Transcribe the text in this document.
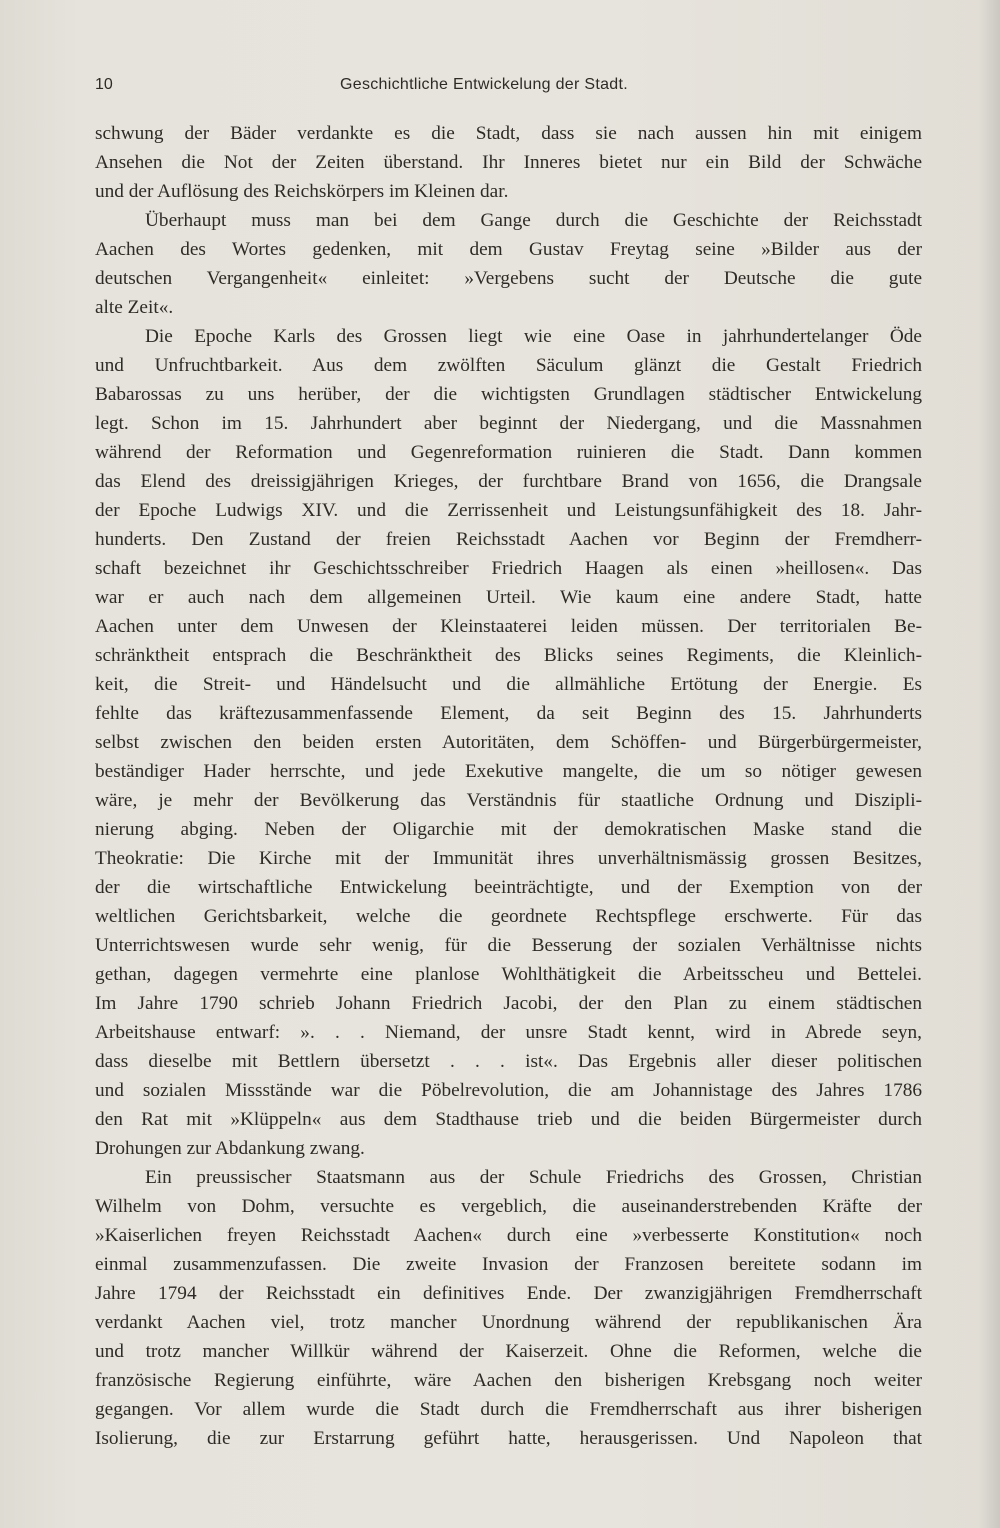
10	Geschichtliche Entwickelung der Stadt.
schwung der Bäder verdankte es die Stadt, dass sie nach aussen hin mit einigem
Ansehen die Not der Zeiten überstand. Ihr Inneres bietet nur ein Bild der Schwäche
und der Auflösung des Reichskörpers im Kleinen dar.
Überhaupt muss man bei dem Gange durch die Geschichte der Reichsstadt
Aachen des Wortes gedenken, mit dem Gustav Freytag seine »Bilder aus der
deutschen Vergangenheit« einleitet: »Vergebens sucht der Deutsche die gute
alte Zeit«.
Die Epoche Karls des Grossen liegt wie eine Oase in jahrhundertelanger Öde
und Unfruchtbarkeit. Aus dem zwölften Säculum glänzt die Gestalt Friedrich
Babarossas zu uns herüber, der die wichtigsten Grundlagen städtischer Entwickelung
legt. Schon im 15. Jahrhundert aber beginnt der Niedergang, und die Massnahmen
während der Reformation und Gegenreformation ruinieren die Stadt. Dann kommen
das Elend des dreissigjährigen Krieges, der furchtbare Brand von 1656, die Drangsale
der Epoche Ludwigs XIV. und die Zerrissenheit und Leistungsunfähigkeit des 18. Jahr-
hunderts. Den Zustand der freien Reichsstadt Aachen vor Beginn der Fremdherr-
schaft bezeichnet ihr Geschichtsschreiber Friedrich Haagen als einen »heillosen«. Das
war er auch nach dem allgemeinen Urteil. Wie kaum eine andere Stadt, hatte
Aachen unter dem Unwesen der Kleinstaaterei leiden müssen. Der territorialen Be-
schränktheit entsprach die Beschränktheit des Blicks seines Regiments, die Kleinlich-
keit, die Streit- und Händelsucht und die allmähliche Ertötung der Energie. Es
fehlte das kräftezusammenfassende Element, da seit Beginn des 15. Jahrhunderts
selbst zwischen den beiden ersten Autoritäten, dem Schöffen- und Bürgerbürgermeister,
beständiger Hader herrschte, und jede Exekutive mangelte, die um so nötiger gewesen
wäre, je mehr der Bevölkerung das Verständnis für staatliche Ordnung und Diszipli-
nierung abging. Neben der Oligarchie mit der demokratischen Maske stand die
Theokratie: Die Kirche mit der Immunität ihres unverhältnismässig grossen Besitzes,
der die wirtschaftliche Entwickelung beeinträchtigte, und der Exemption von der
weltlichen Gerichtsbarkeit, welche die geordnete Rechtspflege erschwerte. Für das
Unterrichtswesen wurde sehr wenig, für die Besserung der sozialen Verhältnisse nichts
gethan, dagegen vermehrte eine planlose Wohlthätigkeit die Arbeitsscheu und Bettelei.
Im Jahre 1790 schrieb Johann Friedrich Jacobi, der den Plan zu einem städtischen
Arbeitshause entwarf: ». . . Niemand, der unsre Stadt kennt, wird in Abrede seyn,
dass dieselbe mit Bettlern übersetzt . . . ist«. Das Ergebnis aller dieser politischen
und sozialen Missstände war die Pöbelrevolution, die am Johannistage des Jahres 1786
den Rat mit »Klüppeln« aus dem Stadthause trieb und die beiden Bürgermeister durch
Drohungen zur Abdankung zwang.
Ein preussischer Staatsmann aus der Schule Friedrichs des Grossen, Christian
Wilhelm von Dohm, versuchte es vergeblich, die auseinanderstrebenden Kräfte der
»Kaiserlichen freyen Reichsstadt Aachen« durch eine »verbesserte Konstitution« noch
einmal zusammenzufassen. Die zweite Invasion der Franzosen bereitete sodann im
Jahre 1794 der Reichsstadt ein definitives Ende. Der zwanzigjährigen Fremdherrschaft
verdankt Aachen viel, trotz mancher Unordnung während der republikanischen Ära
und trotz mancher Willkür während der Kaiserzeit. Ohne die Reformen, welche die
französische Regierung einführte, wäre Aachen den bisherigen Krebsgang noch weiter
gegangen. Vor allem wurde die Stadt durch die Fremdherrschaft aus ihrer bisherigen
Isolierung, die zur Erstarrung geführt hatte, herausgerissen. Und Napoleon that
